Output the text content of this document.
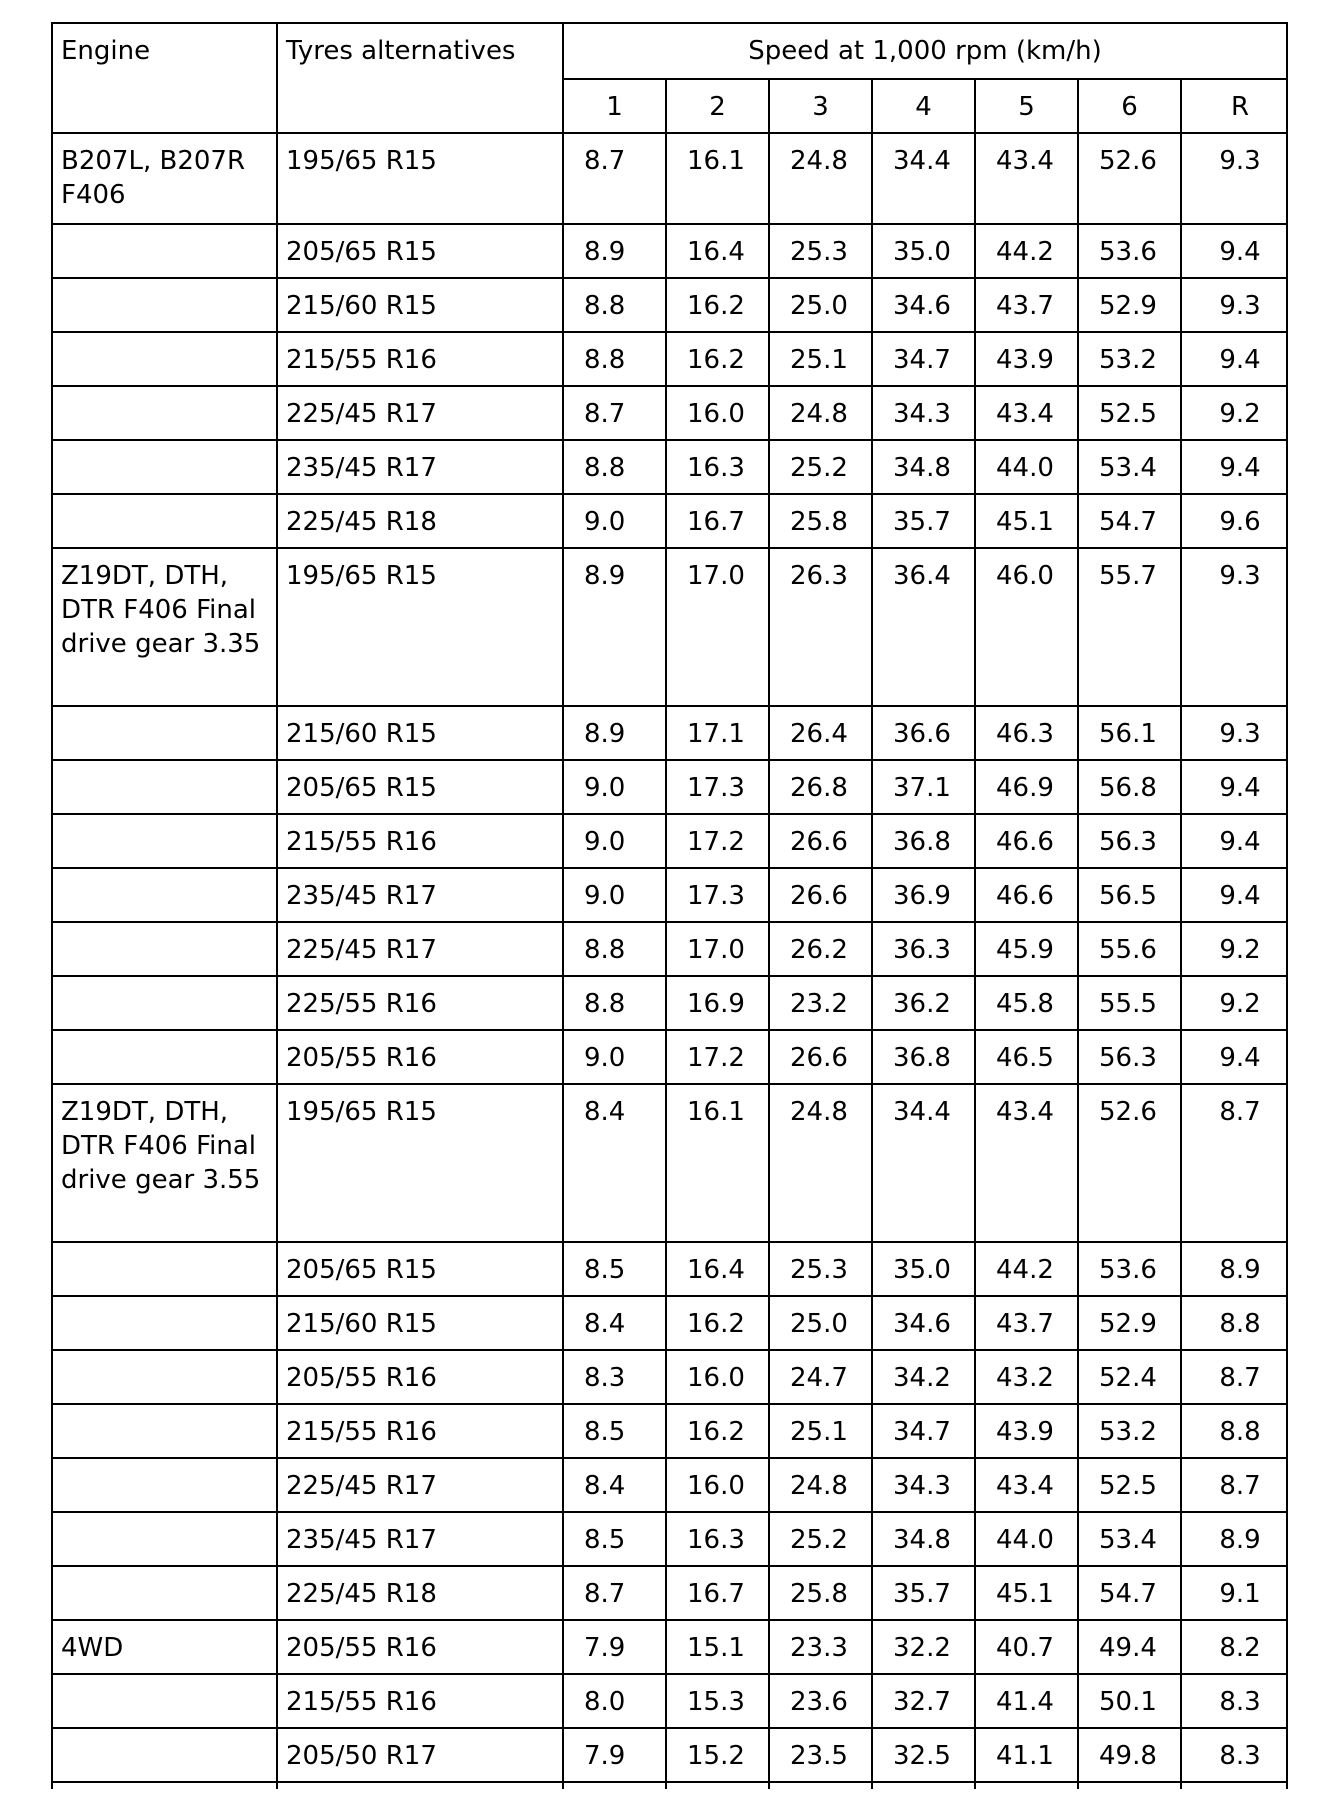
Engine	Tyres alternatives	Speed at 1,000 rpm (km/h)						
		1	2	3	4	5	6	R
B207L, B207R F406	195/65 R15	8.7	16.1	24.8	34.4	43.4	52.6	9.3
	205/65 R15	8.9	16.4	25.3	35.0	44.2	53.6	9.4
	215/60 R15	8.8	16.2	25.0	34.6	43.7	52.9	9.3
	215/55 R16	8.8	16.2	25.1	34.7	43.9	53.2	9.4
	225/45 R17	8.7	16.0	24.8	34.3	43.4	52.5	9.2
	235/45 R17	8.8	16.3	25.2	34.8	44.0	53.4	9.4
	225/45 R18	9.0	16.7	25.8	35.7	45.1	54.7	9.6
Z19DT, DTH, DTR F406 Final drive gear 3.35	195/65 R15	8.9	17.0	26.3	36.4	46.0	55.7	9.3
	215/60 R15	8.9	17.1	26.4	36.6	46.3	56.1	9.3
	205/65 R15	9.0	17.3	26.8	37.1	46.9	56.8	9.4
	215/55 R16	9.0	17.2	26.6	36.8	46.6	56.3	9.4
	235/45 R17	9.0	17.3	26.6	36.9	46.6	56.5	9.4
	225/45 R17	8.8	17.0	26.2	36.3	45.9	55.6	9.2
	225/55 R16	8.8	16.9	23.2	36.2	45.8	55.5	9.2
	205/55 R16	9.0	17.2	26.6	36.8	46.5	56.3	9.4
Z19DT, DTH, DTR F406 Final drive gear 3.55	195/65 R15	8.4	16.1	24.8	34.4	43.4	52.6	8.7
	205/65 R15	8.5	16.4	25.3	35.0	44.2	53.6	8.9
	215/60 R15	8.4	16.2	25.0	34.6	43.7	52.9	8.8
	205/55 R16	8.3	16.0	24.7	34.2	43.2	52.4	8.7
	215/55 R16	8.5	16.2	25.1	34.7	43.9	53.2	8.8
	225/45 R17	8.4	16.0	24.8	34.3	43.4	52.5	8.7
	235/45 R17	8.5	16.3	25.2	34.8	44.0	53.4	8.9
	225/45 R18	8.7	16.7	25.8	35.7	45.1	54.7	9.1
4WD	205/55 R16	7.9	15.1	23.3	32.2	40.7	49.4	8.2
	215/55 R16	8.0	15.3	23.6	32.7	41.4	50.1	8.3
	205/50 R17	7.9	15.2	23.5	32.5	41.1	49.8	8.3
